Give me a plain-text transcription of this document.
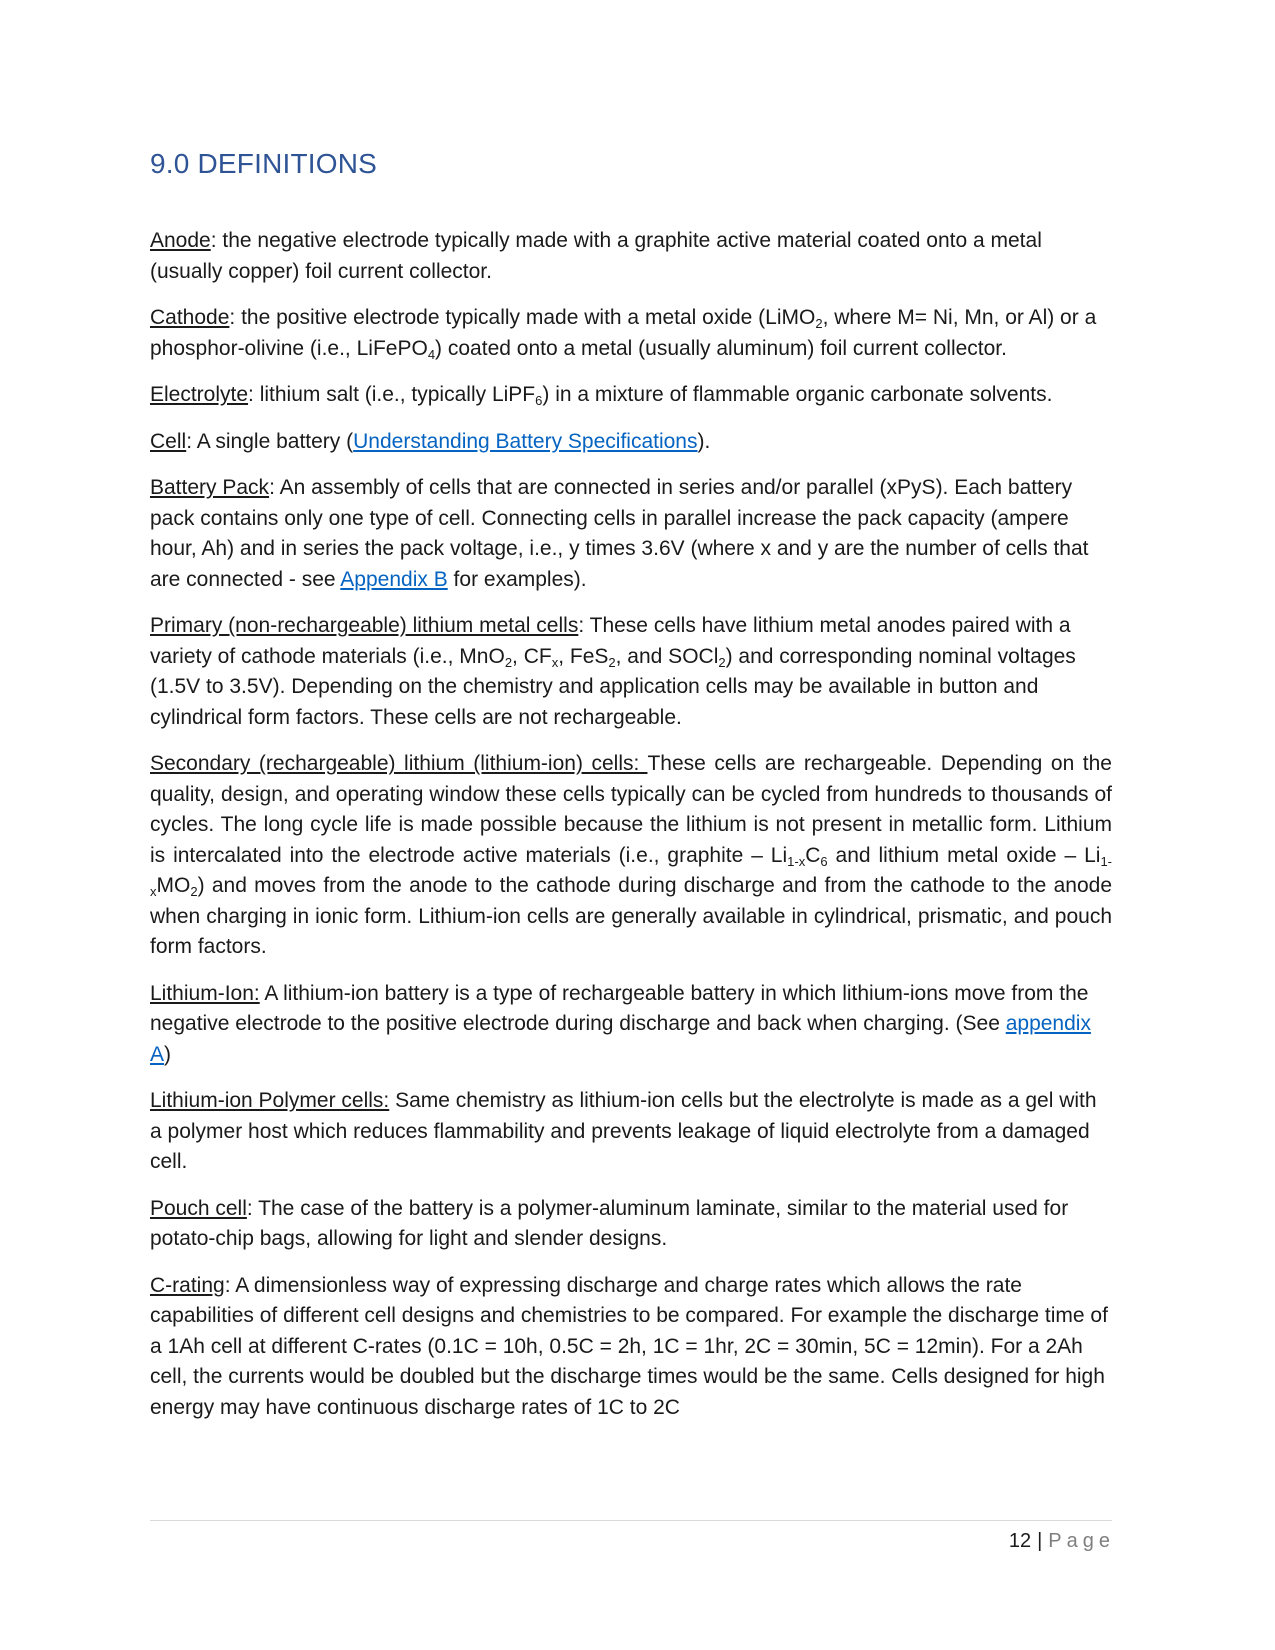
9.0 DEFINITIONS

Anode: the negative electrode typically made with a graphite active material coated onto a metal (usually copper) foil current collector.

Cathode: the positive electrode typically made with a metal oxide (LiMO$_2$, where M= Ni, Mn, or Al) or a phosphor-olivine (i.e., LiFePO$_4$) coated onto a metal (usually aluminum) foil current collector.

Electrolyte: lithium salt (i.e., typically LiPF$_6$) in a mixture of flammable organic carbonate solvents.

Cell: A single battery (Understanding Battery Specifications).

Battery Pack: An assembly of cells that are connected in series and/or parallel (xPyS). Each battery pack contains only one type of cell. Connecting cells in parallel increase the pack capacity (ampere hour, Ah) and in series the pack voltage, i.e., y times 3.6V (where x and y are the number of cells that are connected - see Appendix B for examples).

Primary (non-rechargeable) lithium metal cells: These cells have lithium metal anodes paired with a variety of cathode materials (i.e., MnO$_2$, $CF_x$, FeS$_2$, and SOCl$_2$) and corresponding nominal voltages (1.5V to 3.5V). Depending on the chemistry and application cells may be available in button and cylindrical form factors. These cells are not rechargeable.

Secondary (rechargeable) lithium (lithium-ion) cells: These cells are rechargeable. Depending on the quality, design, and operating window these cells typically can be cycled from hundreds to thousands of cycles. The long cycle life is made possible because the lithium is not present in metallic form. Lithium is intercalated into the electrode active materials (i.e., graphite – $Li_{1-x}C_6$ and lithium metal oxide – $Li_{1-x}MO_2$) and moves from the anode to the cathode during discharge and from the cathode to the anode when charging in ionic form. Lithium-ion cells are generally available in cylindrical, prismatic, and pouch form factors.

Lithium-Ion: A lithium-ion battery is a type of rechargeable battery in which lithium-ions move from the negative electrode to the positive electrode during discharge and back when charging. (See appendix A)

Lithium-ion Polymer cells: Same chemistry as lithium-ion cells but the electrolyte is made as a gel with a polymer host which reduces flammability and prevents leakage of liquid electrolyte from a damaged cell.

Pouch cell: The case of the battery is a polymer-aluminum laminate, similar to the material used for potato-chip bags, allowing for light and slender designs.

C-rating: A dimensionless way of expressing discharge and charge rates which allows the rate capabilities of different cell designs and chemistries to be compared. For example the discharge time of a 1Ah cell at different C-rates (0.1C = 10h, 0.5C = 2h, 1C = 1hr, 2C = 30min, 5C = 12min). For a 2Ah cell, the currents would be doubled but the discharge times would be the same. Cells designed for high energy may have continuous discharge rates of 1C to 2C

12 | Page
